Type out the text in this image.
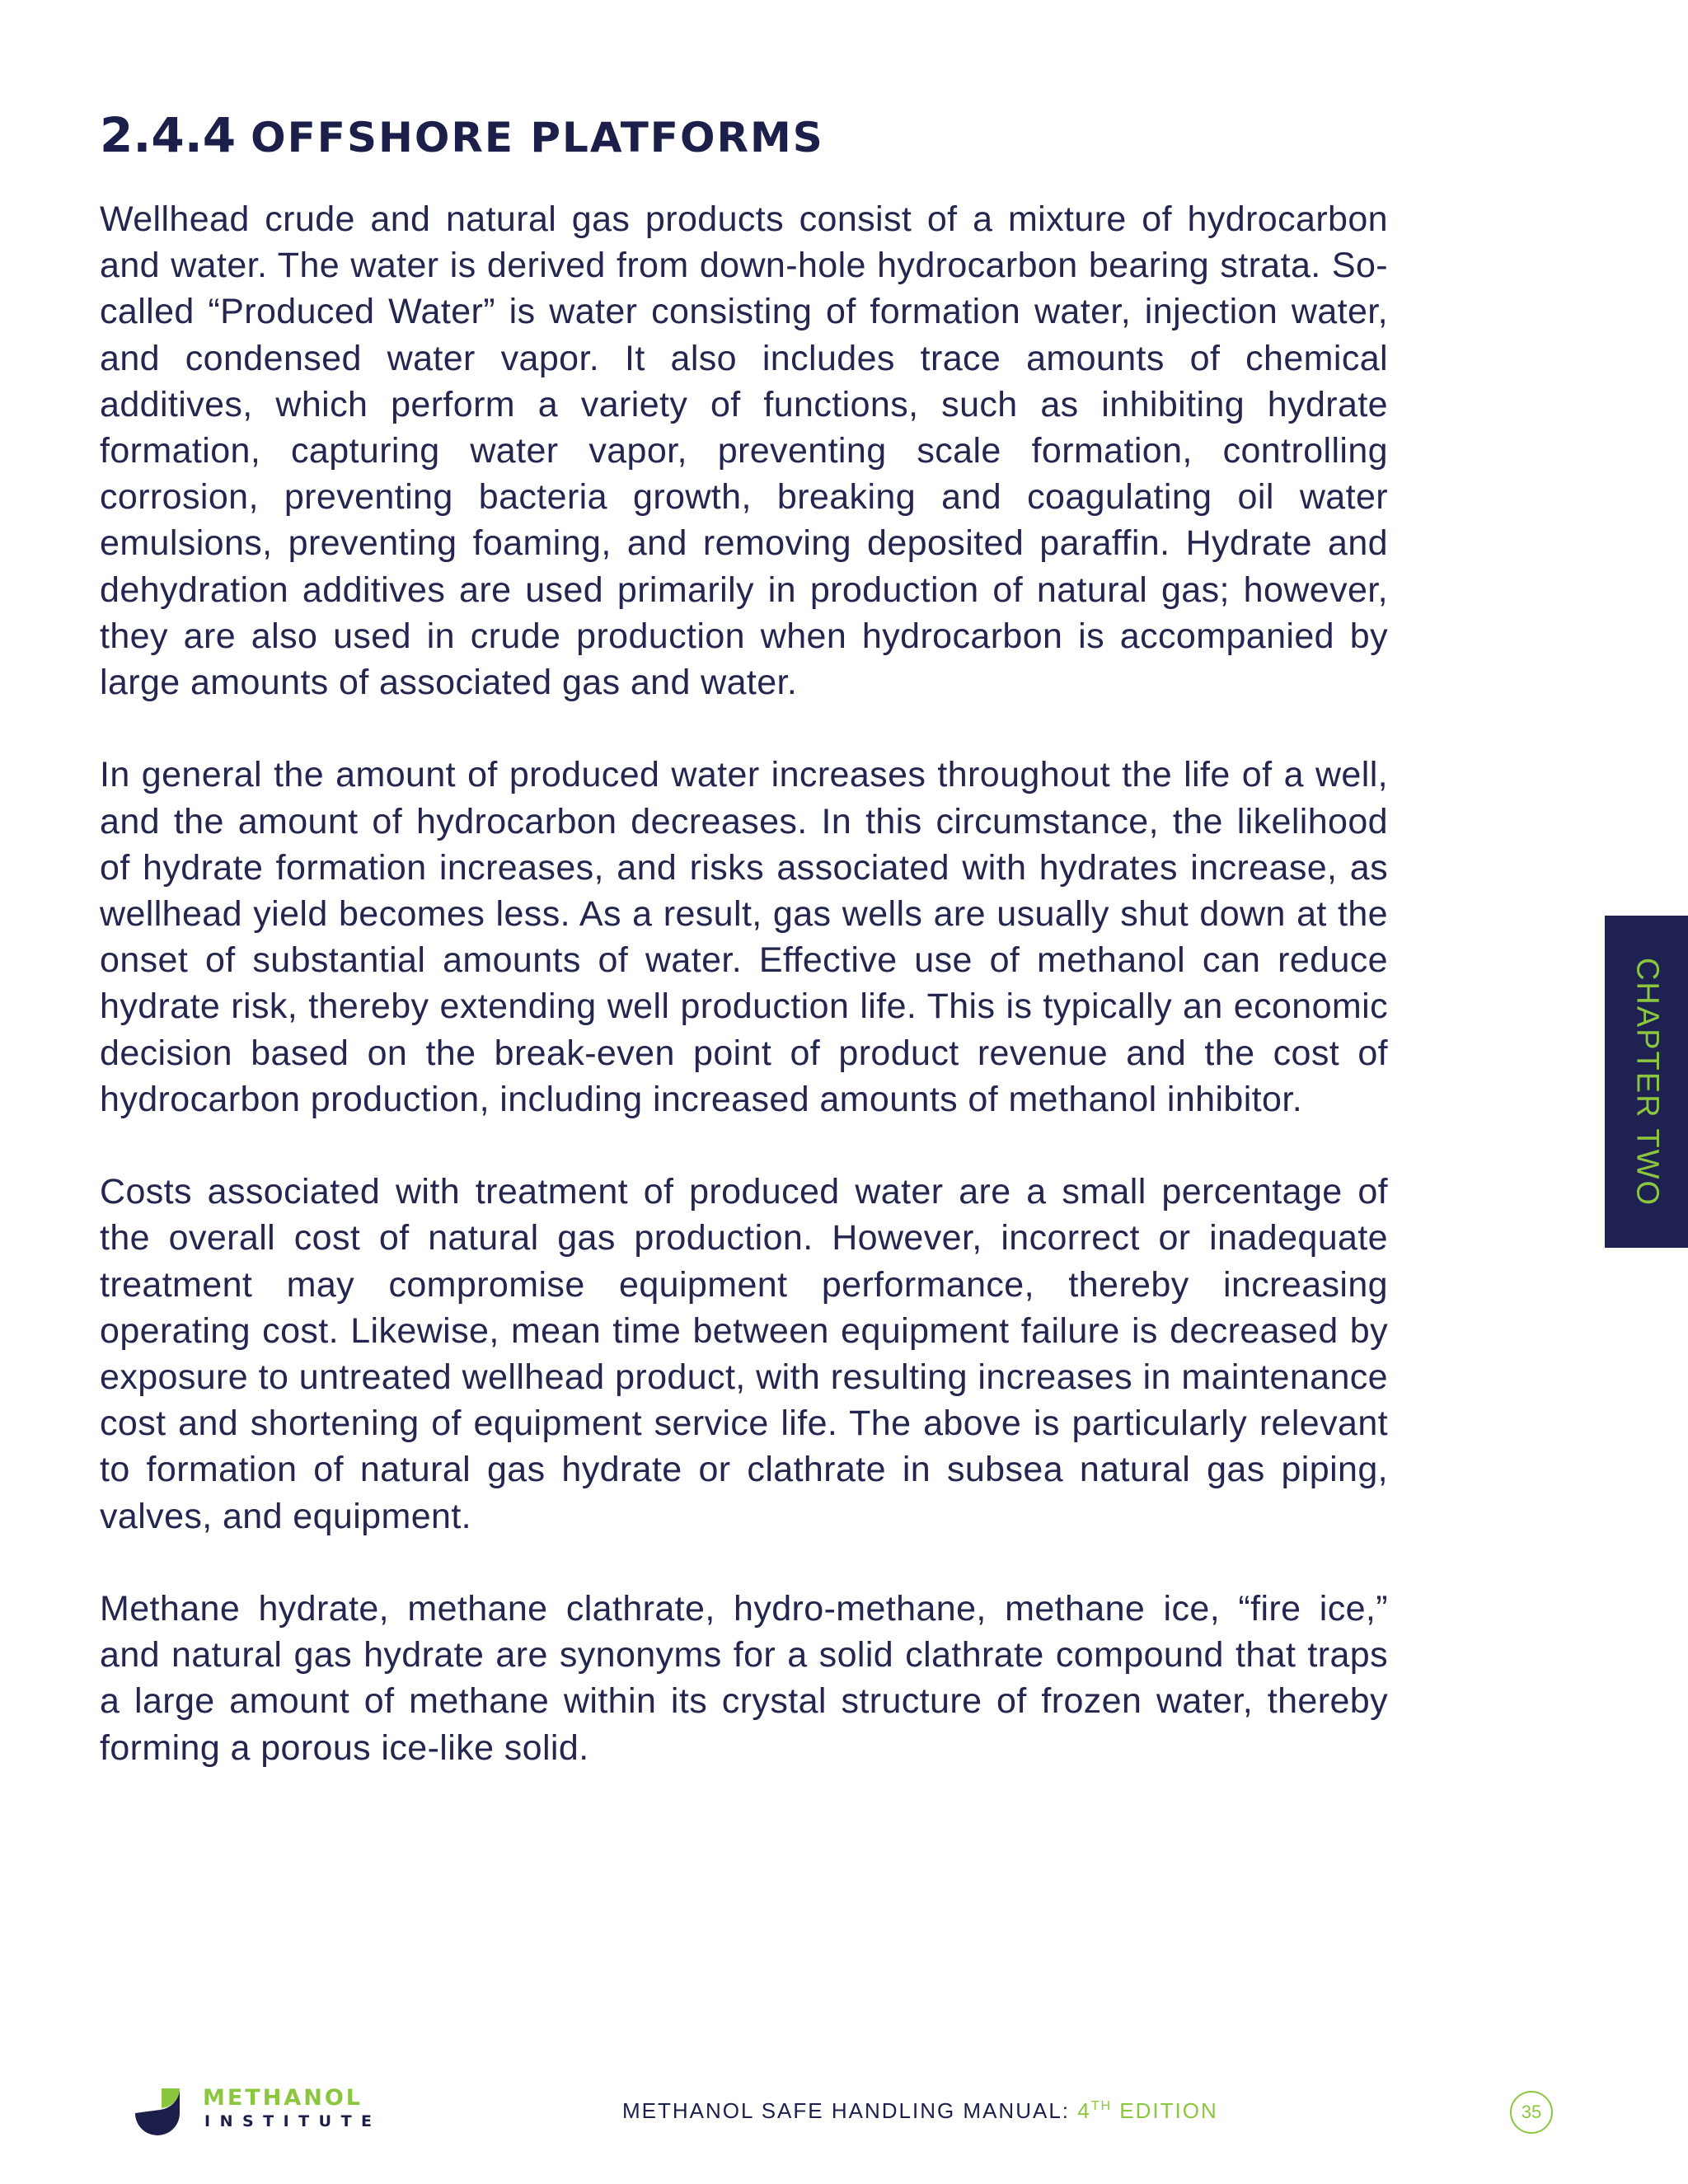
2.4.4 OFFSHORE PLATFORMS

Wellhead crude and natural gas products consist of a mixture of hydrocarbon and water. The water is derived from down-hole hydrocarbon bearing strata. So-called “Produced Water” is water consisting of formation water, injection water, and condensed water vapor. It also includes trace amounts of chemical additives, which perform a variety of functions, such as inhibiting hydrate formation, capturing water vapor, preventing scale formation, controlling corrosion, preventing bacteria growth, breaking and coagulating oil water emulsions, preventing foaming, and removing deposited paraffin. Hydrate and dehydration additives are used primarily in production of natural gas; however, they are also used in crude production when hydrocarbon is accompanied by large amounts of associated gas and water.

In general the amount of produced water increases throughout the life of a well, and the amount of hydrocarbon decreases. In this circumstance, the likelihood of hydrate formation increases, and risks associated with hydrates increase, as wellhead yield becomes less. As a result, gas wells are usually shut down at the onset of substantial amounts of water. Effective use of methanol can reduce hydrate risk, thereby extending well production life. This is typically an economic decision based on the break-even point of product revenue and the cost of hydrocarbon production, including increased amounts of methanol inhibitor.

Costs associated with treatment of produced water are a small percentage of the overall cost of natural gas production. However, incorrect or inadequate treatment may compromise equipment performance, thereby increasing operating cost. Likewise, mean time between equipment failure is decreased by exposure to untreated wellhead product, with resulting increases in maintenance cost and shortening of equipment service life. The above is particularly relevant to formation of natural gas hydrate or clathrate in subsea natural gas piping, valves, and equipment.

Methane hydrate, methane clathrate, hydro-methane, methane ice, “fire ice,” and natural gas hydrate are synonyms for a solid clathrate compound that traps a large amount of methane within its crystal structure of frozen water, thereby forming a porous ice-like solid.

CHAPTER TWO
METHANOL
INSTITUTE	METHANOL SAFE HANDLING MANUAL: 4TH EDITION	35
